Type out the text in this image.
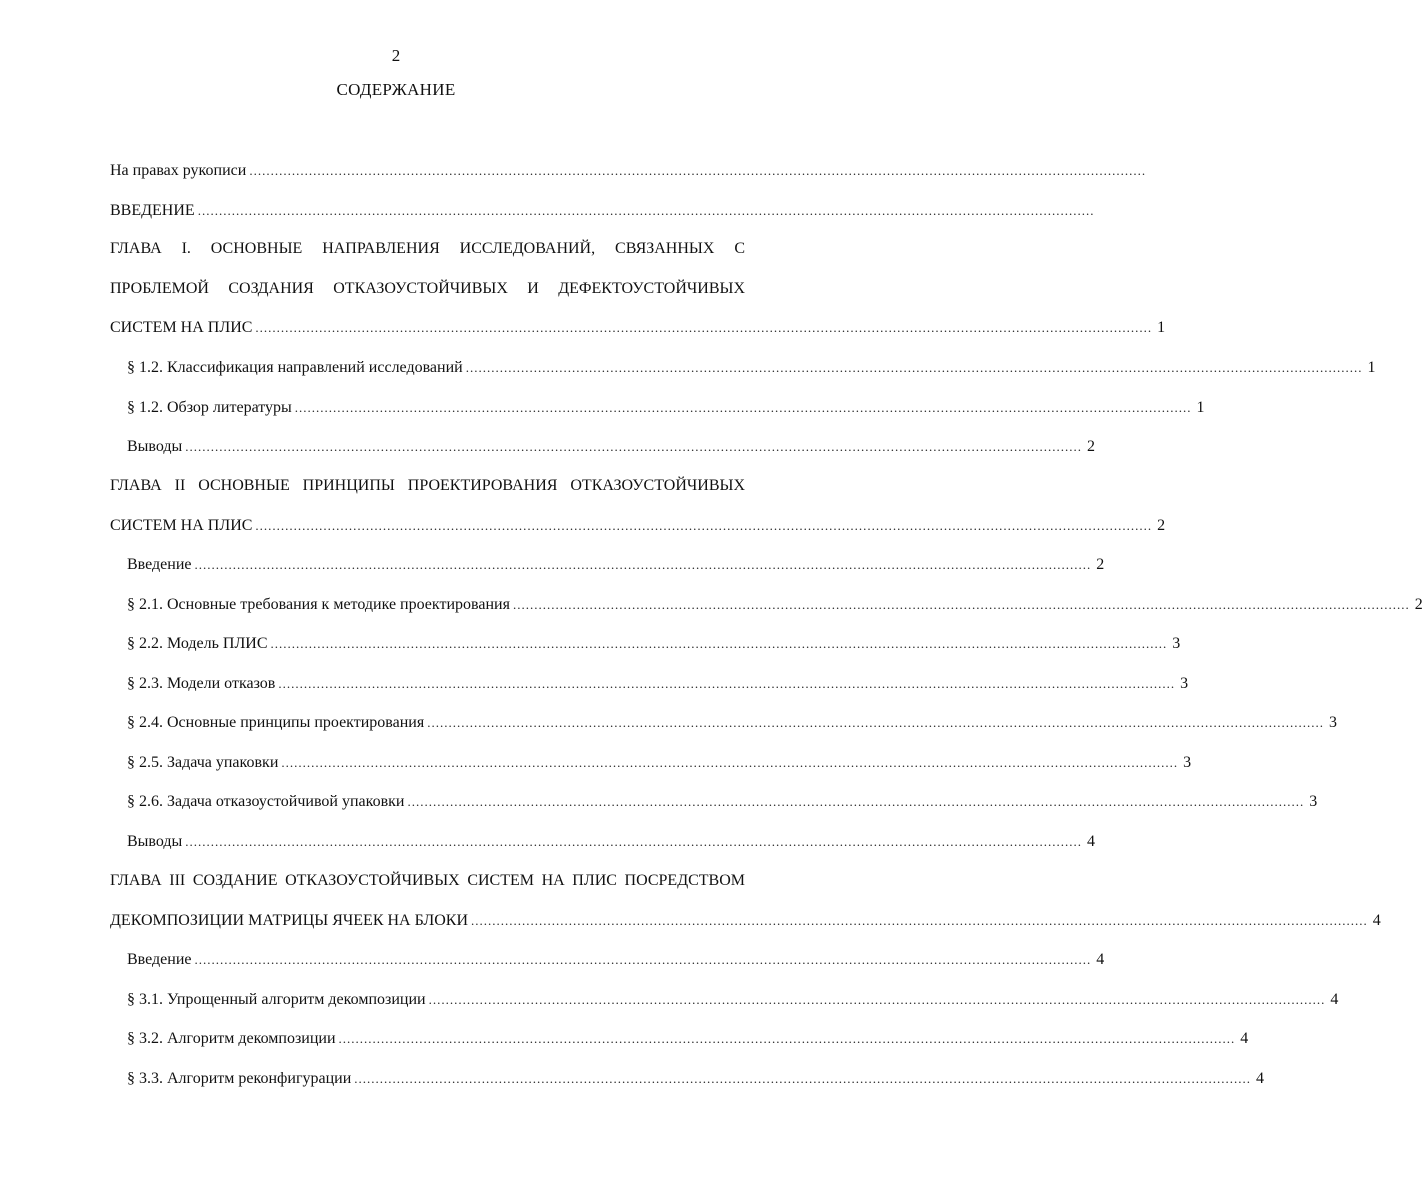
2
СОДЕРЖАНИЕ
На правах рукописи ...................................................................................................................................................................................................................
ВВЕДЕНИЕ ...................................................................................................................................................................................................................
ГЛАВА I. ОСНОВНЫЕ НАПРАВЛЕНИЯ ИССЛЕДОВАНИЙ, СВЯЗАННЫХ С
ПРОБЛЕМОЙ СОЗДАНИЯ ОТКАЗОУСТОЙЧИВЫХ И ДЕФЕКТОУСТОЙЧИВЫХ
СИСТЕМ НА ПЛИС ................................................................................................................................................................................................................... 1
§ 1.2. Классификация направлений исследований ................................................................................................................................................................................................................... 1
§ 1.2. Обзор литературы ................................................................................................................................................................................................................... 1
Выводы ................................................................................................................................................................................................................... 2
ГЛАВА II ОСНОВНЫЕ ПРИНЦИПЫ ПРОЕКТИРОВАНИЯ ОТКАЗОУСТОЙЧИВЫХ
СИСТЕМ НА ПЛИС ................................................................................................................................................................................................................... 2
Введение ................................................................................................................................................................................................................... 2
§ 2.1. Основные требования к методике проектирования ................................................................................................................................................................................................................... 2
§ 2.2. Модель ПЛИС ................................................................................................................................................................................................................... 3
§ 2.3. Модели отказов ................................................................................................................................................................................................................... 3
§ 2.4. Основные принципы проектирования ................................................................................................................................................................................................................... 3
§ 2.5. Задача упаковки ................................................................................................................................................................................................................... 3
§ 2.6. Задача отказоустойчивой упаковки ................................................................................................................................................................................................................... 3
Выводы ................................................................................................................................................................................................................... 4
ГЛАВА III СОЗДАНИЕ ОТКАЗОУСТОЙЧИВЫХ СИСТЕМ НА ПЛИС ПОСРЕДСТВОМ
ДЕКОМПОЗИЦИИ МАТРИЦЫ ЯЧЕЕК НА БЛОКИ ................................................................................................................................................................................................................... 4
Введение ................................................................................................................................................................................................................... 4
§ 3.1. Упрощенный алгоритм декомпозиции ................................................................................................................................................................................................................... 4
§ 3.2. Алгоритм декомпозиции ................................................................................................................................................................................................................... 4
§ 3.3. Алгоритм реконфигурации ................................................................................................................................................................................................................... 4
